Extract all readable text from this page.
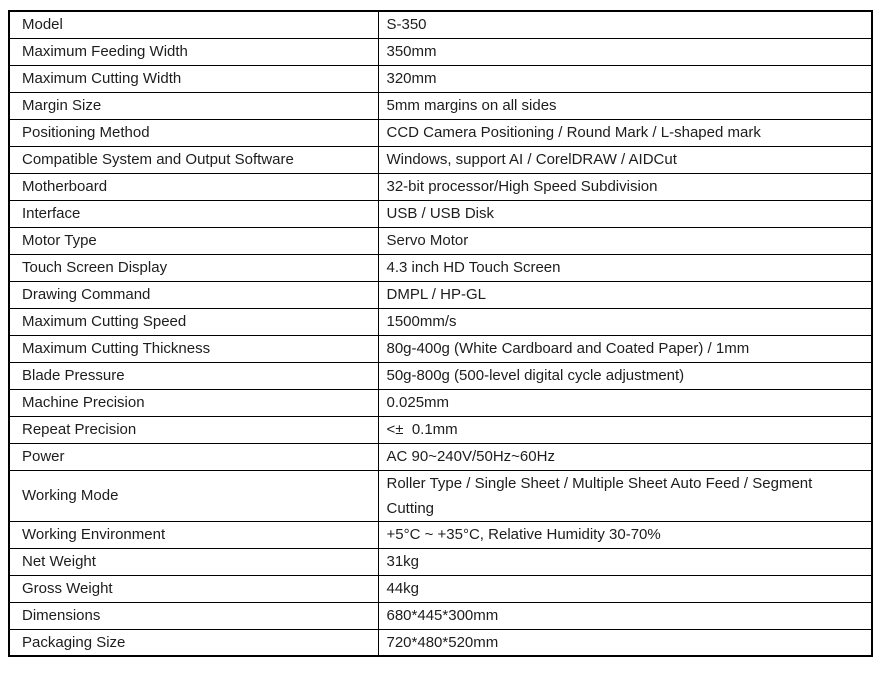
Model	S-350
Maximum Feeding Width	350mm
Maximum Cutting Width	320mm
Margin Size	5mm margins on all sides
Positioning Method	CCD Camera Positioning / Round Mark / L-shaped mark
Compatible System and Output Software	Windows, support AI / CorelDRAW / AIDCut
Motherboard	32-bit processor/High Speed Subdivision
Interface	USB / USB Disk
Motor Type	Servo Motor
Touch Screen Display	4.3 inch HD Touch Screen
Drawing Command	DMPL / HP-GL
Maximum Cutting Speed	1500mm/s
Maximum Cutting Thickness	80g-400g (White Cardboard and Coated Paper) / 1mm
Blade Pressure	50g-800g (500-level digital cycle adjustment)
Machine Precision	0.025mm
Repeat Precision	<±  0.1mm
Power	AC 90~240V/50Hz~60Hz
Working Mode	Roller Type / Single Sheet / Multiple Sheet Auto Feed / Segment Cutting
Working Environment	+5°C ~ +35°C, Relative Humidity 30-70%
Net Weight	31kg
Gross Weight	44kg
Dimensions	680*445*300mm
Packaging Size	720*480*520mm
